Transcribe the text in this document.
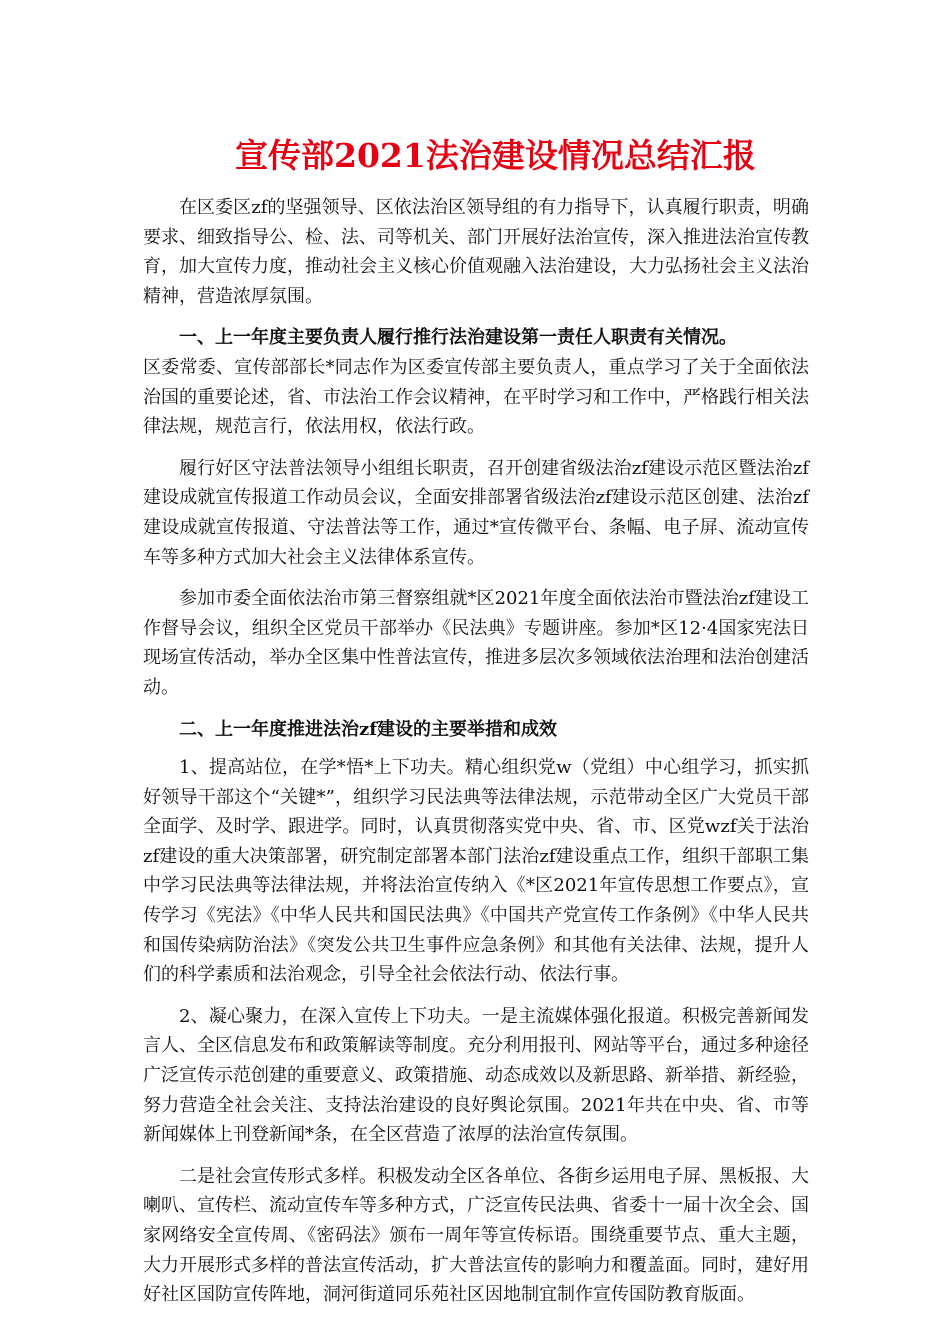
宣传部2021法治建设情况总结汇报

在区委区zf的坚强领导、区依法治区领导组的有力指导下，认真履行职责，明确要求、细致指导公、检、法、司等机关、部门开展好法治宣传，深入推进法治宣传教育，加大宣传力度，推动社会主义核心价值观融入法治建设，大力弘扬社会主义法治精神，营造浓厚氛围。

一、上一年度主要负责人履行推行法治建设第一责任人职责有关情况。

区委常委、宣传部部长*同志作为区委宣传部主要负责人，重点学习了关于全面依法治国的重要论述，省、市法治工作会议精神，在平时学习和工作中，严格践行相关法律法规，规范言行，依法用权，依法行政。

履行好区守法普法领导小组组长职责，召开创建省级法治zf建设示范区暨法治zf建设成就宣传报道工作动员会议，全面安排部署省级法治zf建设示范区创建、法治zf建设成就宣传报道、守法普法等工作，通过*宣传微平台、条幅、电子屏、流动宣传车等多种方式加大社会主义法律体系宣传。

参加市委全面依法治市第三督察组就*区2021年度全面依法治市暨法治zf建设工作督导会议，组织全区党员干部举办《民法典》专题讲座。参加*区12·4国家宪法日现场宣传活动，举办全区集中性普法宣传，推进多层次多领域依法治理和法治创建活动。

二、上一年度推进法治zf建设的主要举措和成效

1、提高站位，在学*悟*上下功夫。精心组织党w（党组）中心组学习，抓实抓好领导干部这个“关键*”，组织学习民法典等法律法规，示范带动全区广大党员干部全面学、及时学、跟进学。同时，认真贯彻落实党中央、省、市、区党wzf关于法治zf建设的重大决策部署，研究制定部署本部门法治zf建设重点工作，组织干部职工集中学习民法典等法律法规，并将法治宣传纳入《*区2021年宣传思想工作要点》，宣传学习《宪法》《中华人民共和国民法典》《中国共产党宣传工作条例》《中华人民共和国传染病防治法》《突发公共卫生事件应急条例》和其他有关法律、法规，提升人们的科学素质和法治观念，引导全社会依法行动、依法行事。

2、凝心聚力，在深入宣传上下功夫。一是主流媒体强化报道。积极完善新闻发言人、全区信息发布和政策解读等制度。充分利用报刊、网站等平台，通过多种途径广泛宣传示范创建的重要意义、政策措施、动态成效以及新思路、新举措、新经验，努力营造全社会关注、支持法治建设的良好舆论氛围。2021年共在中央、省、市等新闻媒体上刊登新闻*条，在全区营造了浓厚的法治宣传氛围。

二是社会宣传形式多样。积极发动全区各单位、各街乡运用电子屏、黑板报、大喇叭、宣传栏、流动宣传车等多种方式，广泛宣传民法典、省委十一届十次全会、国家网络安全宣传周、《密码法》颁布一周年等宣传标语。围绕重要节点、重大主题，大力开展形式多样的普法宣传活动，扩大普法宣传的影响力和覆盖面。同时，建好用好社区国防宣传阵地，洞河街道同乐苑社区因地制宜制作宣传国防教育版面。
